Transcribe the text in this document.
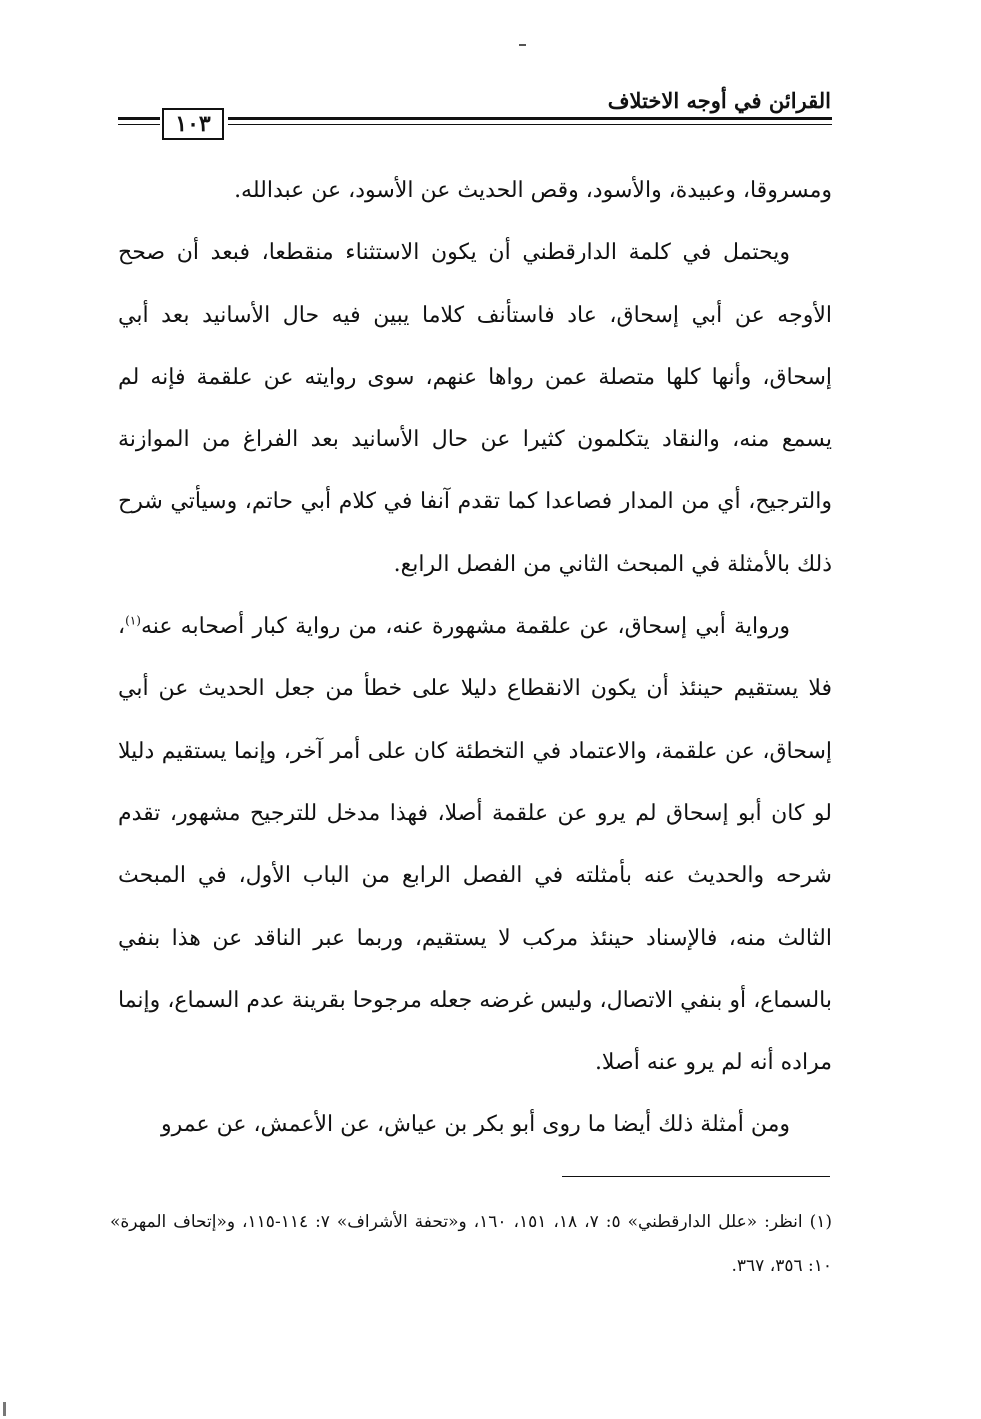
القرائن في أوجه الاختلاف
١٠٣

ومسروقا، وعبيدة، والأسود، وقص الحديث عن الأسود، عن عبدالله.

ويحتمل في كلمة الدارقطني أن يكون الاستثناء منقطعا، فبعد أن صحح الأوجه عن أبي إسحاق، عاد فاستأنف كلاما يبين فيه حال الأسانيد بعد أبي إسحاق، وأنها كلها متصلة عمن رواها عنهم، سوى روايته عن علقمة فإنه لم يسمع منه، والنقاد يتكلمون كثيرا عن حال الأسانيد بعد الفراغ من الموازنة والترجيح، أي من المدار فصاعدا كما تقدم آنفا في كلام أبي حاتم، وسيأتي شرح ذلك بالأمثلة في المبحث الثاني من الفصل الرابع.

ورواية أبي إسحاق، عن علقمة مشهورة عنه، من رواية كبار أصحابه عنه$^{(١)}$، فلا يستقيم حينئذ أن يكون الانقطاع دليلا على خطأ من جعل الحديث عن أبي إسحاق، عن علقمة، والاعتماد في التخطئة كان على أمر آخر، وإنما يستقيم دليلا لو كان أبو إسحاق لم يرو عن علقمة أصلا، فهذا مدخل للترجيح مشهور، تقدم شرحه والحديث عنه بأمثلته في الفصل الرابع من الباب الأول، في المبحث الثالث منه، فالإسناد حينئذ مركب لا يستقيم، وربما عبر الناقد عن هذا بنفي بالسماع، أو بنفي الاتصال، وليس غرضه جعله مرجوحا بقرينة عدم السماع، وإنما مراده أنه لم يرو عنه أصلا.

ومن أمثلة ذلك أيضا ما روى أبو بكر بن عياش، عن الأعمش، عن عمرو

(١) انظر: «علل الدارقطني» ٥: ٧، ١٨، ١٥١، ١٦٠، و«تحفة الأشراف» ٧: ١١٤-١١٥، و«إتحاف المهرة» ١٠: ٣٥٦، ٣٦٧.
